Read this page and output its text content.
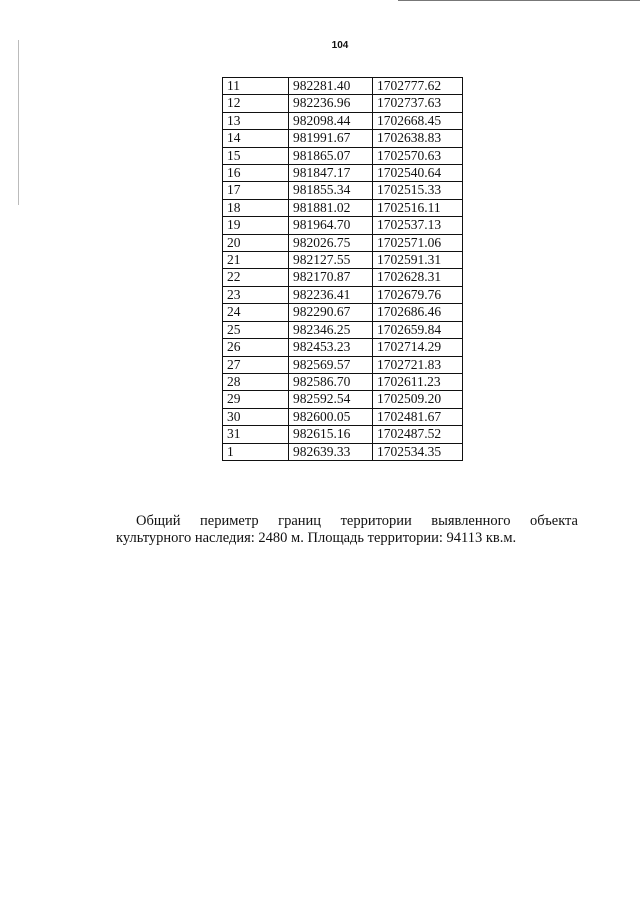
104
11	982281.40	1702777.62
12	982236.96	1702737.63
13	982098.44	1702668.45
14	981991.67	1702638.83
15	981865.07	1702570.63
16	981847.17	1702540.64
17	981855.34	1702515.33
18	981881.02	1702516.11
19	981964.70	1702537.13
20	982026.75	1702571.06
21	982127.55	1702591.31
22	982170.87	1702628.31
23	982236.41	1702679.76
24	982290.67	1702686.46
25	982346.25	1702659.84
26	982453.23	1702714.29
27	982569.57	1702721.83
28	982586.70	1702611.23
29	982592.54	1702509.20
30	982600.05	1702481.67
31	982615.16	1702487.52
1	982639.33	1702534.35

Общий периметр границ территории выявленного объекта
культурного наследия: 2480 м. Площадь территории: 94113 кв.м.
